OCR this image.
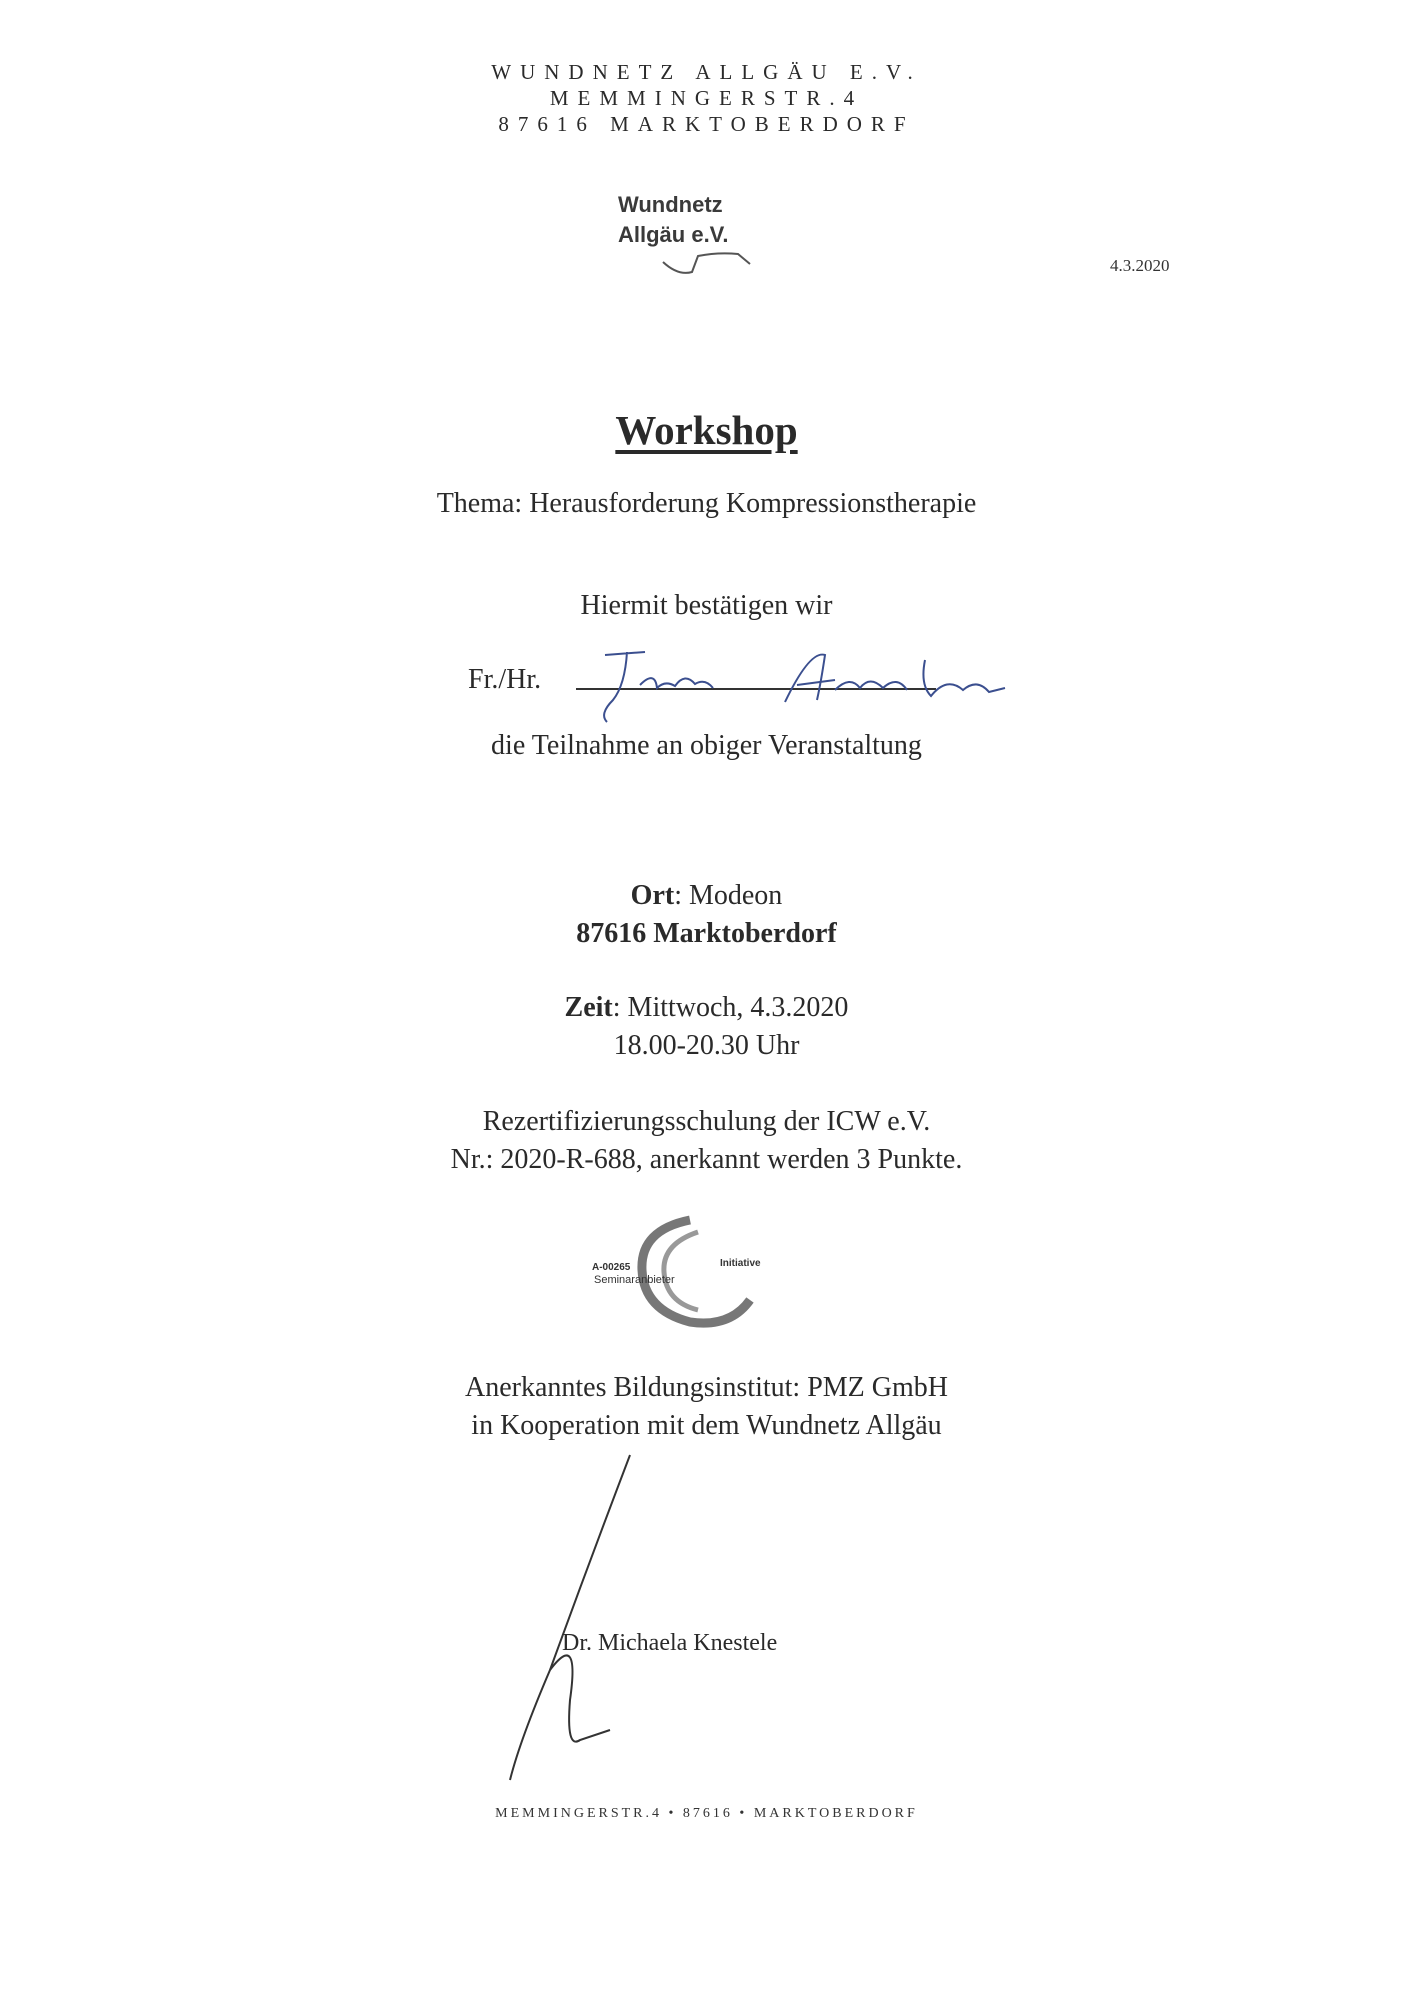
WUNDNETZ ALLGÄU E.V.
MEMMINGERSTR.4
87616 MARKTOBERDORF
Wundnetz
Allgäu e.V.
4.3.2020
Workshop
Thema: Herausforderung Kompressionstherapie
Hiermit bestätigen wir
Fr./Hr.
die Teilnahme an obiger Veranstaltung
Ort: Modeon
87616 Marktoberdorf
Zeit: Mittwoch, 4.3.2020
18.00-20.30 Uhr
Rezertifizierungsschulung der ICW e.V.
Nr.: 2020-R-688, anerkannt werden 3 Punkte.
A-00265
Seminaranbieter
Initiative
Anerkanntes Bildungsinstitut: PMZ GmbH
in Kooperation mit dem Wundnetz Allgäu
Dr. Michaela Knestele
MEMMINGERSTR.4 • 87616 • MARKTOBERDORF
